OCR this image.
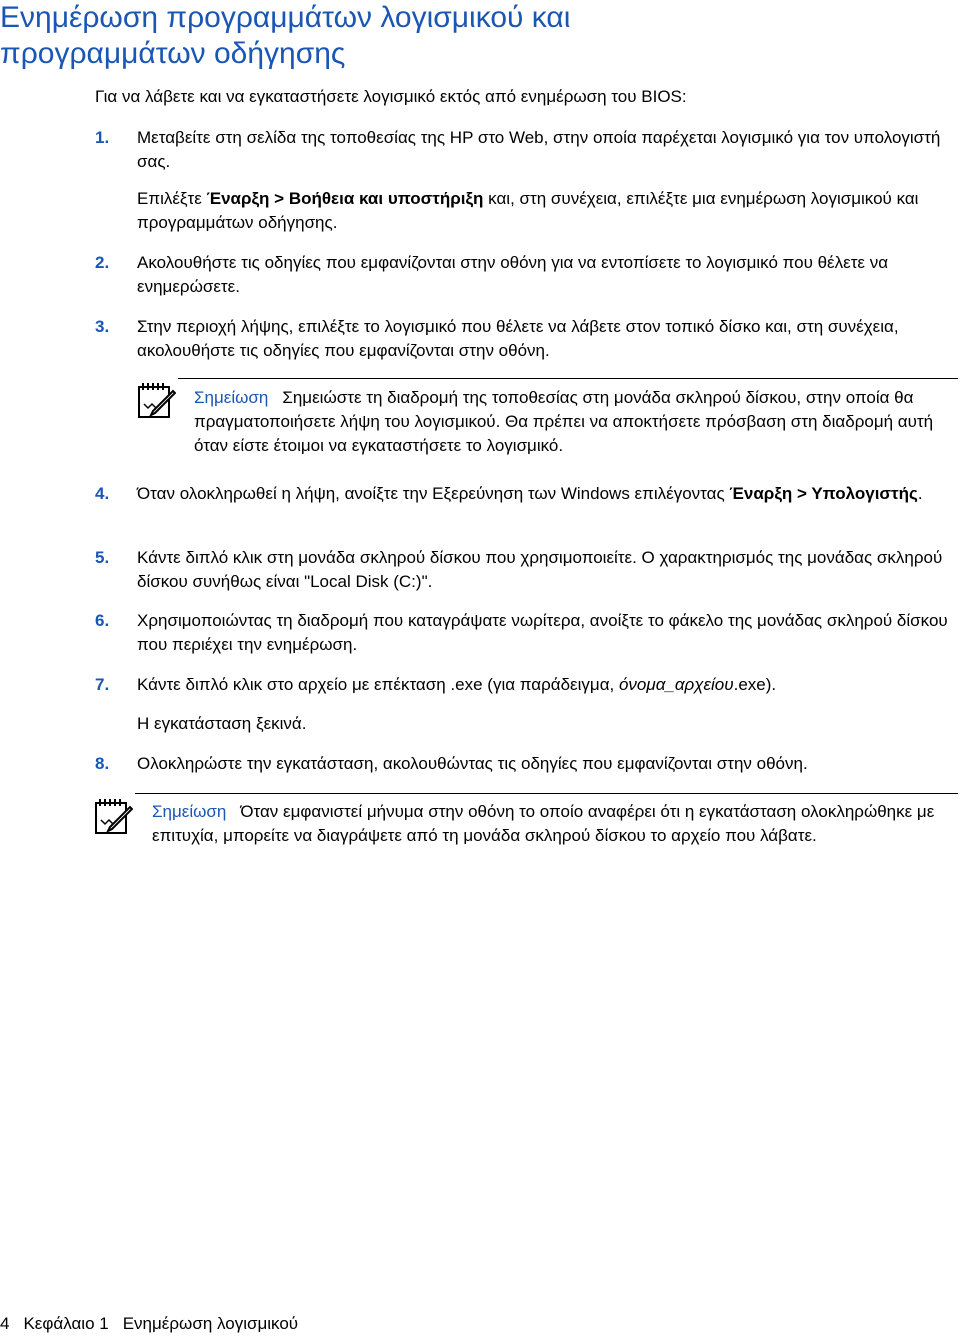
Ενημέρωση προγραμμάτων λογισμικού και
προγραμμάτων οδήγησης
Για να λάβετε και να εγκαταστήσετε λογισμικό εκτός από ενημέρωση του BIOS:
1.	Μεταβείτε στη σελίδα της τοποθεσίας της HP στο Web, στην οποία παρέχεται λογισμικό για τον υπολογιστή σας.
Επιλέξτε Έναρξη > Βοήθεια και υποστήριξη και, στη συνέχεια, επιλέξτε μια ενημέρωση λογισμικού και προγραμμάτων οδήγησης.
2.	Ακολουθήστε τις οδηγίες που εμφανίζονται στην οθόνη για να εντοπίσετε το λογισμικό που θέλετε να ενημερώσετε.
3.	Στην περιοχή λήψης, επιλέξτε το λογισμικό που θέλετε να λάβετε στον τοπικό δίσκο και, στη συνέχεια, ακολουθήστε τις οδηγίες που εμφανίζονται στην οθόνη.
Σημείωση Σημειώστε τη διαδρομή της τοποθεσίας στη μονάδα σκληρού δίσκου, στην οποία θα πραγματοποιήσετε λήψη του λογισμικού. Θα πρέπει να αποκτήσετε πρόσβαση στη διαδρομή αυτή όταν είστε έτοιμοι να εγκαταστήσετε το λογισμικό.
4.	Όταν ολοκληρωθεί η λήψη, ανοίξτε την Εξερεύνηση των Windows επιλέγοντας Έναρξη > Υπολογιστής.
5.	Κάντε διπλό κλικ στη μονάδα σκληρού δίσκου που χρησιμοποιείτε. Ο χαρακτηρισμός της μονάδας σκληρού δίσκου συνήθως είναι "Local Disk (C:)".
6.	Χρησιμοποιώντας τη διαδρομή που καταγράψατε νωρίτερα, ανοίξτε το φάκελο της μονάδας σκληρού δίσκου που περιέχει την ενημέρωση.
7.	Κάντε διπλό κλικ στο αρχείο με επέκταση .exe (για παράδειγμα, όνομα_αρχείου.exe).
Η εγκατάσταση ξεκινά.
8.	Ολοκληρώστε την εγκατάσταση, ακολουθώντας τις οδηγίες που εμφανίζονται στην οθόνη.
Σημείωση Όταν εμφανιστεί μήνυμα στην οθόνη το οποίο αναφέρει ότι η εγκατάσταση ολοκληρώθηκε με επιτυχία, μπορείτε να διαγράψετε από τη μονάδα σκληρού δίσκου το αρχείο που λάβατε.
4 Κεφάλαιο 1 Ενημέρωση λογισμικού
